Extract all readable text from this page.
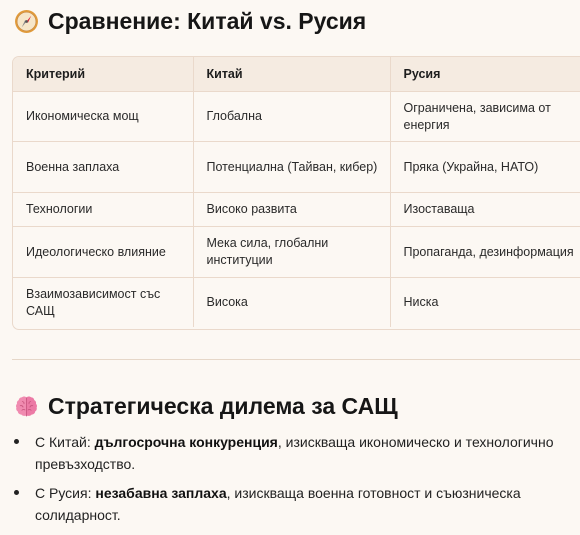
Сравнение: Китай vs. Русия
Критерий	Китай	Русия
Икономическа мощ	Глобална	Ограничена, зависима от енергия
Военна заплаха	Потенциална (Тайван, кибер)	Пряка (Украйна, НАТО)
Технологии	Високо развита	Изоставаща
Идеологическо влияние	Мека сила, глобални институции	Пропаганда, дезинформация
Взаимозависимост със САЩ	Висока	Ниска
Стратегическа дилема за САЩ
С Китай: дългосрочна конкуренция, изискваща икономическо и технологично превъзходство.
С Русия: незабавна заплаха, изискваща военна готовност и съюзническа солидарност.
